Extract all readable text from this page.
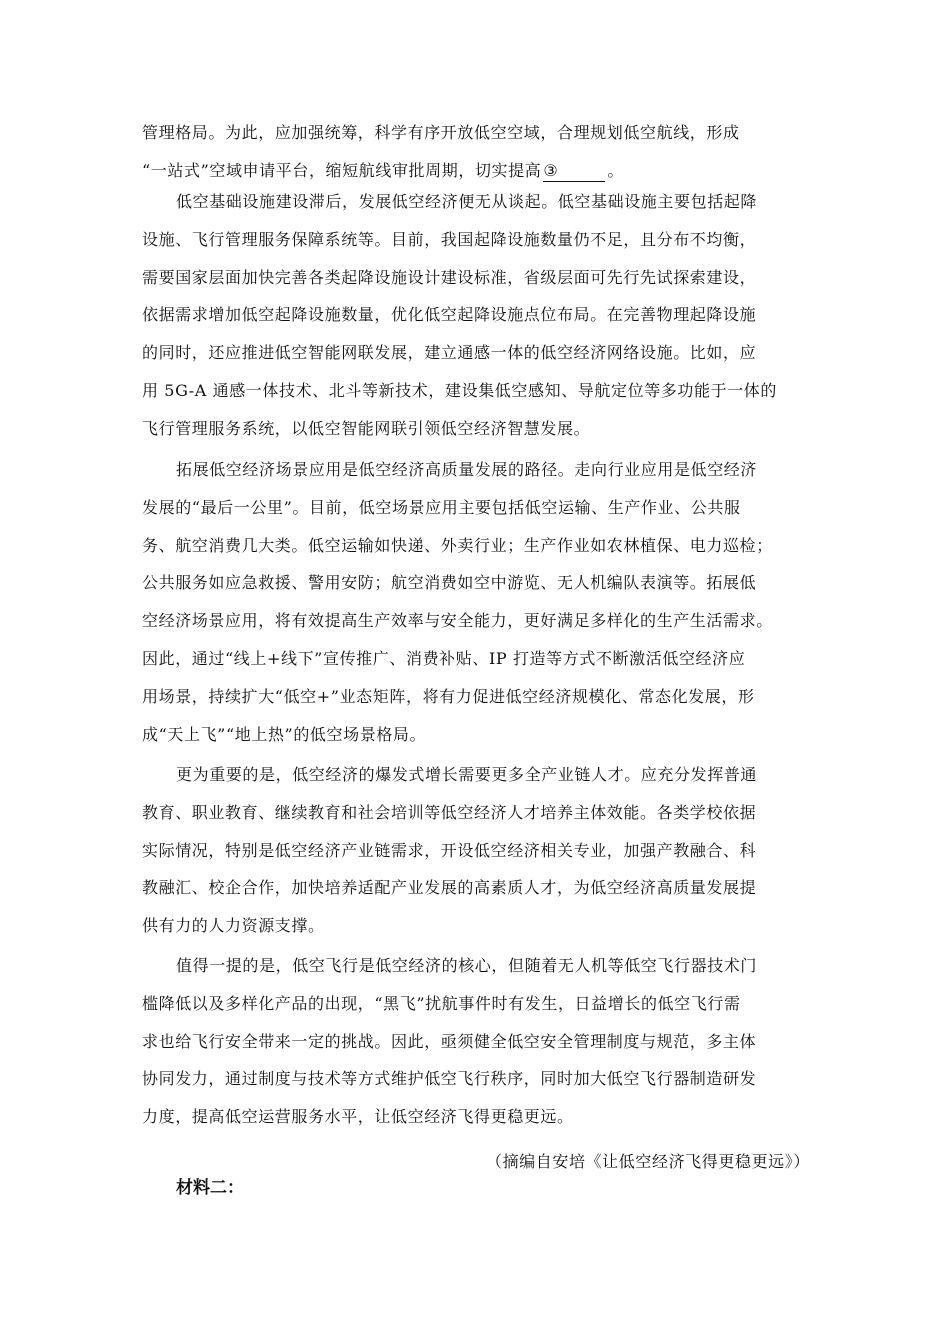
管理格局。为此，应加强统筹，科学有序开放低空空域，合理规划低空航线，形成
“一站式”空域申请平台，缩短航线审批周期，切实提高 ③	。
低空基础设施建设滞后，发展低空经济便无从谈起。低空基础设施主要包括起降
设施、飞行管理服务保障系统等。目前，我国起降设施数量仍不足，且分布不均衡，
需要国家层面加快完善各类起降设施设计建设标准，省级层面可先行先试探索建设，
依据需求增加低空起降设施数量，优化低空起降设施点位布局。在完善物理起降设施
的同时，还应推进低空智能网联发展，建立通感一体的低空经济网络设施。比如，应
用 5G-A 通感一体技术、北斗等新技术，建设集低空感知、导航定位等多功能于一体的
飞行管理服务系统，以低空智能网联引领低空经济智慧发展。
拓展低空经济场景应用是低空经济高质量发展的路径。走向行业应用是低空经济
发展的“最后一公里”。目前，低空场景应用主要包括低空运输、生产作业、公共服
务、航空消费几大类。低空运输如快递、外卖行业；生产作业如农林植保、电力巡检；
公共服务如应急救援、警用安防；航空消费如空中游览、无人机编队表演等。拓展低
空经济场景应用，将有效提高生产效率与安全能力，更好满足多样化的生产生活需求。
因此，通过“线上+线下”宣传推广、消费补贴、IP 打造等方式不断激活低空经济应
用场景，持续扩大“低空+”业态矩阵，将有力促进低空经济规模化、常态化发展，形
成“天上飞”“地上热”的低空场景格局。
更为重要的是，低空经济的爆发式增长需要更多全产业链人才。应充分发挥普通
教育、职业教育、继续教育和社会培训等低空经济人才培养主体效能。各类学校依据
实际情况，特别是低空经济产业链需求，开设低空经济相关专业，加强产教融合、科
教融汇、校企合作，加快培养适配产业发展的高素质人才，为低空经济高质量发展提
供有力的人力资源支撑。
值得一提的是，低空飞行是低空经济的核心，但随着无人机等低空飞行器技术门
槛降低以及多样化产品的出现，“黑飞”扰航事件时有发生，日益增长的低空飞行需
求也给飞行安全带来一定的挑战。因此，亟须健全低空安全管理制度与规范，多主体
协同发力，通过制度与技术等方式维护低空飞行秩序，同时加大低空飞行器制造研发
力度，提高低空运营服务水平，让低空经济飞得更稳更远。
（摘编自安培《让低空经济飞得更稳更远》）
材料二：
